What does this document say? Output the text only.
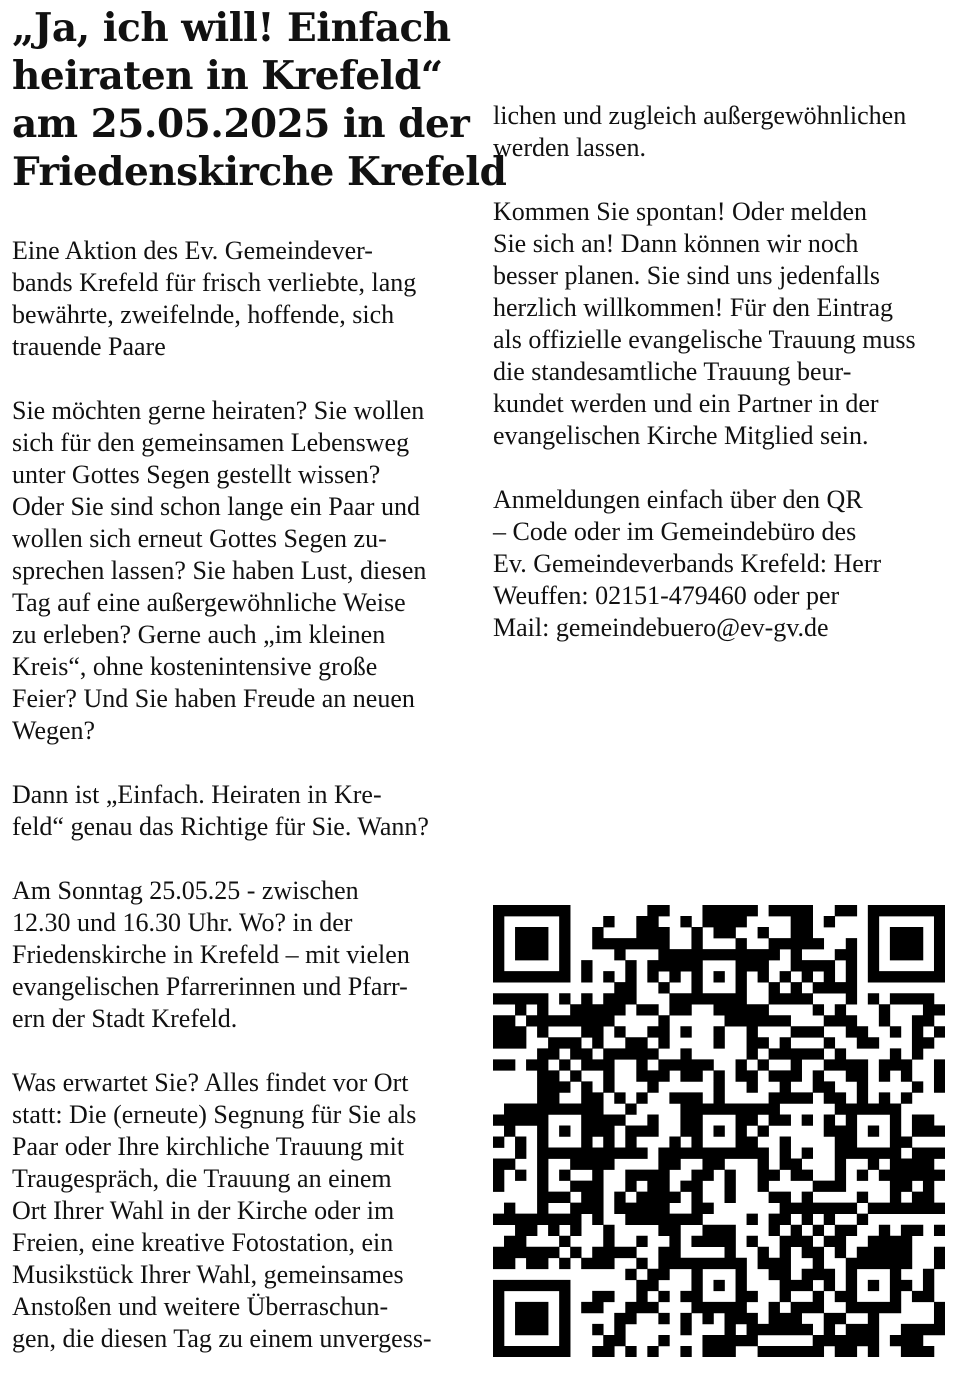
„Ja, ich will! Einfach
heiraten in Krefeld“
am 25.05.2025 in der
Friedenskirche Krefeld

Eine Aktion des Ev. Gemeindever-
bands Krefeld für frisch verliebte, lang
bewährte, zweifelnde, hoffende, sich
trauende Paare

Sie möchten gerne heiraten? Sie wollen
sich für den gemeinsamen Lebensweg
unter Gottes Segen gestellt wissen?
Oder Sie sind schon lange ein Paar und
wollen sich erneut Gottes Segen zu-
sprechen lassen? Sie haben Lust, diesen
Tag auf eine außergewöhnliche Weise
zu erleben? Gerne auch „im kleinen
Kreis“, ohne kostenintensive große
Feier? Und Sie haben Freude an neuen
Wegen?

Dann ist „Einfach. Heiraten in Kre-
feld“ genau das Richtige für Sie. Wann?

Am Sonntag 25.05.25 - zwischen
12.30 und 16.30 Uhr. Wo? in der
Friedenskirche in Krefeld – mit vielen
evangelischen Pfarrerinnen und Pfarr-
ern der Stadt Krefeld.

Was erwartet Sie? Alles findet vor Ort
statt: Die (erneute) Segnung für Sie als
Paar oder Ihre kirchliche Trauung mit
Traugespräch, die Trauung an einem
Ort Ihrer Wahl in der Kirche oder im
Freien, eine kreative Fotostation, ein
Musikstück Ihrer Wahl, gemeinsames
Anstoßen und weitere Überraschun-
gen, die diesen Tag zu einem unvergess-

lichen und zugleich außergewöhnlichen
werden lassen.

Kommen Sie spontan! Oder melden
Sie sich an! Dann können wir noch
besser planen. Sie sind uns jedenfalls
herzlich willkommen! Für den Eintrag
als offizielle evangelische Trauung muss
die standesamtliche Trauung beur-
kundet werden und ein Partner in der
evangelischen Kirche Mitglied sein.

Anmeldungen einfach über den QR
– Code oder im Gemeindebüro des
Ev. Gemeindeverbands Krefeld: Herr
Weuffen: 02151-479460 oder per
Mail: gemeindebuero@ev-gv.de
